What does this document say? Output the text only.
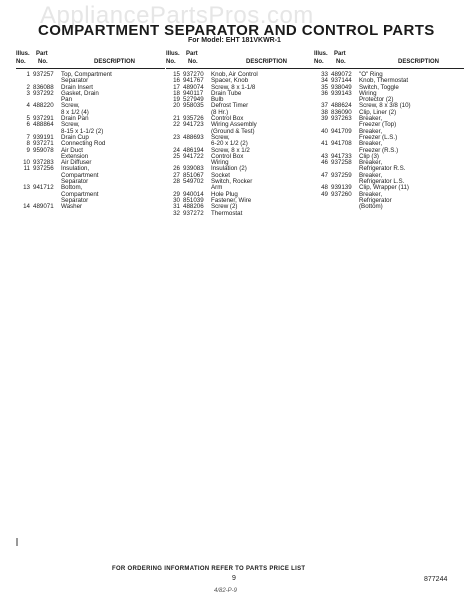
AppliancePartsPros.com
COMPARTMENT SEPARATOR AND CONTROL PARTS
For Model: EHT 181VKWR-1
Illus.
No.
Part
No.	DESCRIPTION
1 937257 Top, Compartment
Separator
2 836088 Drain Insert
3 937292 Gasket, Drain
Pan
4 488220 Screw,
8 x 1/2 (4)
5 937291 Drain Pan
6 488864 Screw,
8-15 x 1-1/2 (2)
7 939191 Drain Cup
8 937271 Connecting Rod
9 959078 Air Duct
Extension
10 937283 Air Diffuser
11 937256 Insulation,
Compartment
Separator
13 941712 Bottom,
Compartment
Separator
14 489071 Washer
Illus.
No.
Part
No.	DESCRIPTION
15 937270 Knob, Air Control
16 941767 Spacer, Knob
17 489074 Screw, 8 x 1-1/8
18 940117 Drain Tube
19 527949 Bulb
20 958035 Defrost Timer
(8 Hr.)
21 935726 Control Box
22 941723 Wiring Assembly
(Ground & Test)
23 488693 Screw,
6-20 x 1/2 (2)
24 486194 Screw, 8 x 1/2
25 941722 Control Box
Wiring
26 939083 Insulation (2)
27 851067 Socket
28 549702 Switch, Rocker
Arm
29 940014 Hole Plug
30 851039 Fastener, Wire
31 488206 Screw (2)
32 937272 Thermostat
Illus.
No.
Part
No.	DESCRIPTION
33 489072 "O" Ring
34 937144 Knob, Thermostat
35 938049 Switch, Toggle
36 939143 Wiring
Protector (2)
37 488624 Screw, 8 x 3/8 (10)
38 836090 Clip, Liner (2)
39 937263 Breaker,
Freezer (Top)
40 941709 Breaker,
Freezer (L.S.)
41 941708 Breaker,
Freezer (R.S.)
43 941733 Clip (3)
46 937258 Breaker,
Refrigerator R.S.
47 937259 Breaker,
Refrigerator L.S.
48 939139 Clip, Wrapper (11)
49 937260 Breaker,
Refrigerator
(Bottom)
FOR ORDERING INFORMATION REFER TO PARTS PRICE LIST
9	877244
4/82-P-9
